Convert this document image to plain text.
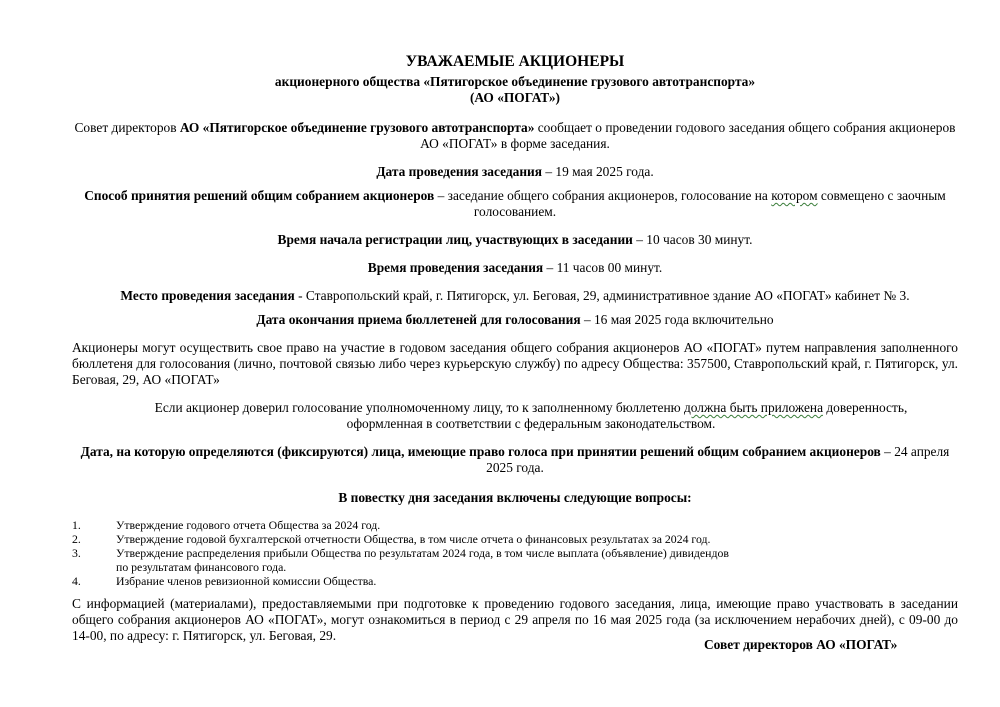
УВАЖАЕМЫЕ АКЦИОНЕРЫ

акционерного общества «Пятигорское объединение грузового автотранспорта»

(АО «ПОГАТ»)

Совет директоров АО «Пятигорское объединение грузового автотранспорта» сообщает о проведении годового заседания общего собрания акционеров АО «ПОГАТ» в форме заседания.

Дата проведения заседания – 19 мая 2025 года.

Способ принятия решений общим собранием акционеров – заседание общего собрания акционеров, голосование на котором совмещено с заочным голосованием.

Время начала регистрации лиц, участвующих в заседании – 10 часов 30 минут.

Время проведения заседания – 11 часов 00 минут.

Место проведения заседания - Ставропольский край, г. Пятигорск, ул. Беговая, 29, административное здание АО «ПОГАТ» кабинет № 3.

Дата окончания приема бюллетеней для голосования – 16 мая 2025 года включительно

Акционеры могут осуществить свое право на участие в годовом заседания общего собрания акционеров АО «ПОГАТ» путем направления заполненного бюллетеня для голосования (лично, почтовой связью либо через курьерскую службу) по адресу Общества: 357500, Ставропольский край, г. Пятигорск, ул. Беговая, 29, АО «ПОГАТ»

Если акционер доверил голосование уполномоченному лицу, то к заполненному бюллетеню должна быть приложена доверенность, оформленная в соответствии с федеральным законодательством.

Дата, на которую определяются (фиксируются) лица, имеющие право голоса при принятии решений общим собранием акционеров – 24 апреля 2025 года.

В повестку дня заседания включены следующие вопросы:

1.	Утверждение годового отчета Общества за 2024 год.
2.	Утверждение годовой бухгалтерской отчетности Общества, в том числе отчета о финансовых результатах за 2024 год.
3.	Утверждение распределения прибыли Общества по результатам 2024 года, в том числе выплата (объявление) дивидендов
по результатам финансового года.
4.	Избрание членов ревизионной комиссии Общества.

С информацией (материалами), предоставляемыми при подготовке к проведению годового заседания, лица, имеющие право участвовать в заседании общего собрания акционеров АО «ПОГАТ», могут ознакомиться в период с 29 апреля по 16 мая 2025 года (за исключением нерабочих дней), с 09-00 до 14-00, по адресу: г. Пятигорск, ул. Беговая, 29.

Совет директоров АО «ПОГАТ»
